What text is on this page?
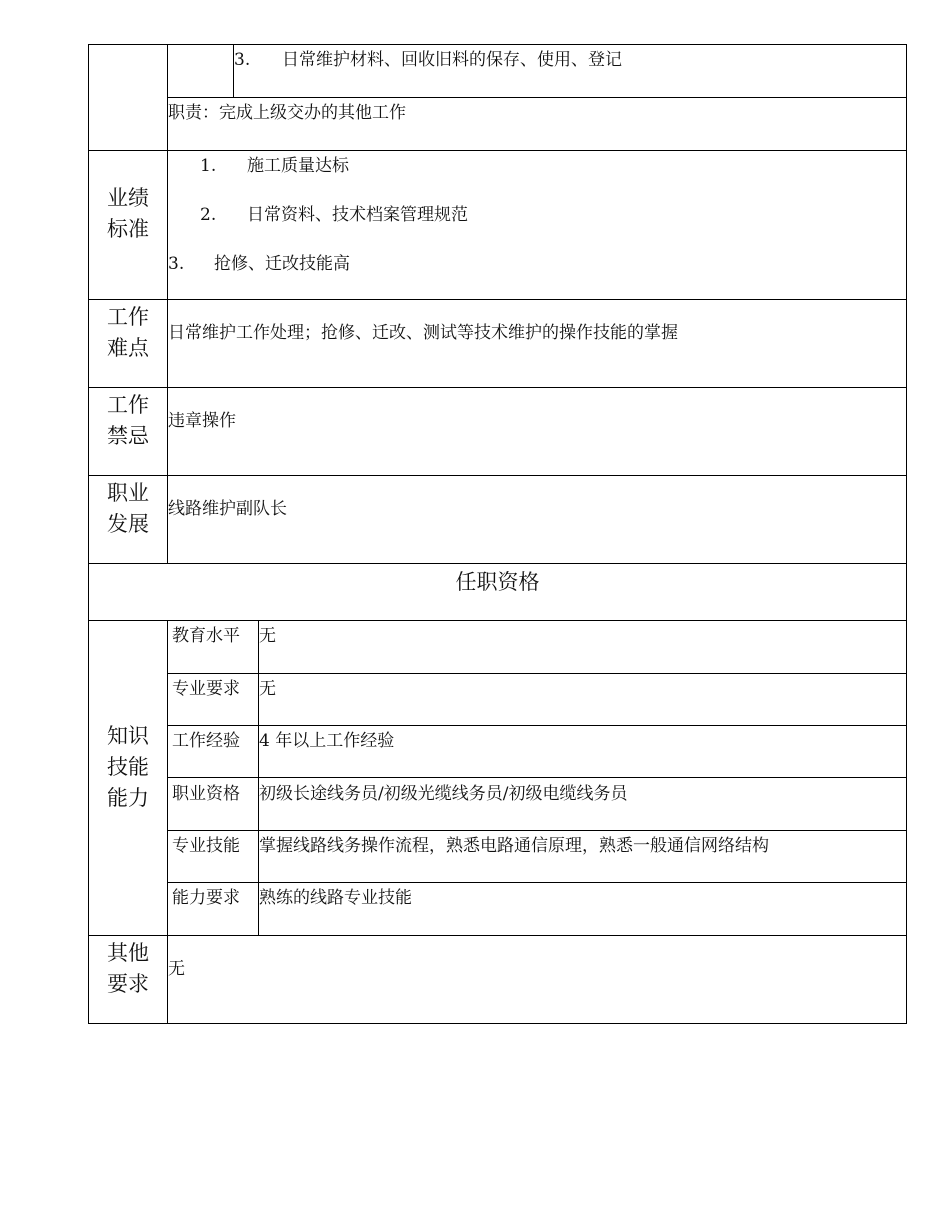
3. 日常维护材料、回收旧料的保存、使用、登记
职责：完成上级交办的其他工作
业绩
标准
1. 施工质量达标
2. 日常资料、技术档案管理规范
3. 抢修、迁改技能高
工作
难点
日常维护工作处理；抢修、迁改、测试等技术维护的操作技能的掌握
工作
禁忌
违章操作
职业
发展
线路维护副队长
任职资格
知识
技能
能力
教育水平 无
专业要求 无
工作经验 4 年以上工作经验
职业资格 初级长途线务员/初级光缆线务员/初级电缆线务员
专业技能 掌握线路线务操作流程，熟悉电路通信原理，熟悉一般通信网络结构
能力要求 熟练的线路专业技能
其他
要求
无
